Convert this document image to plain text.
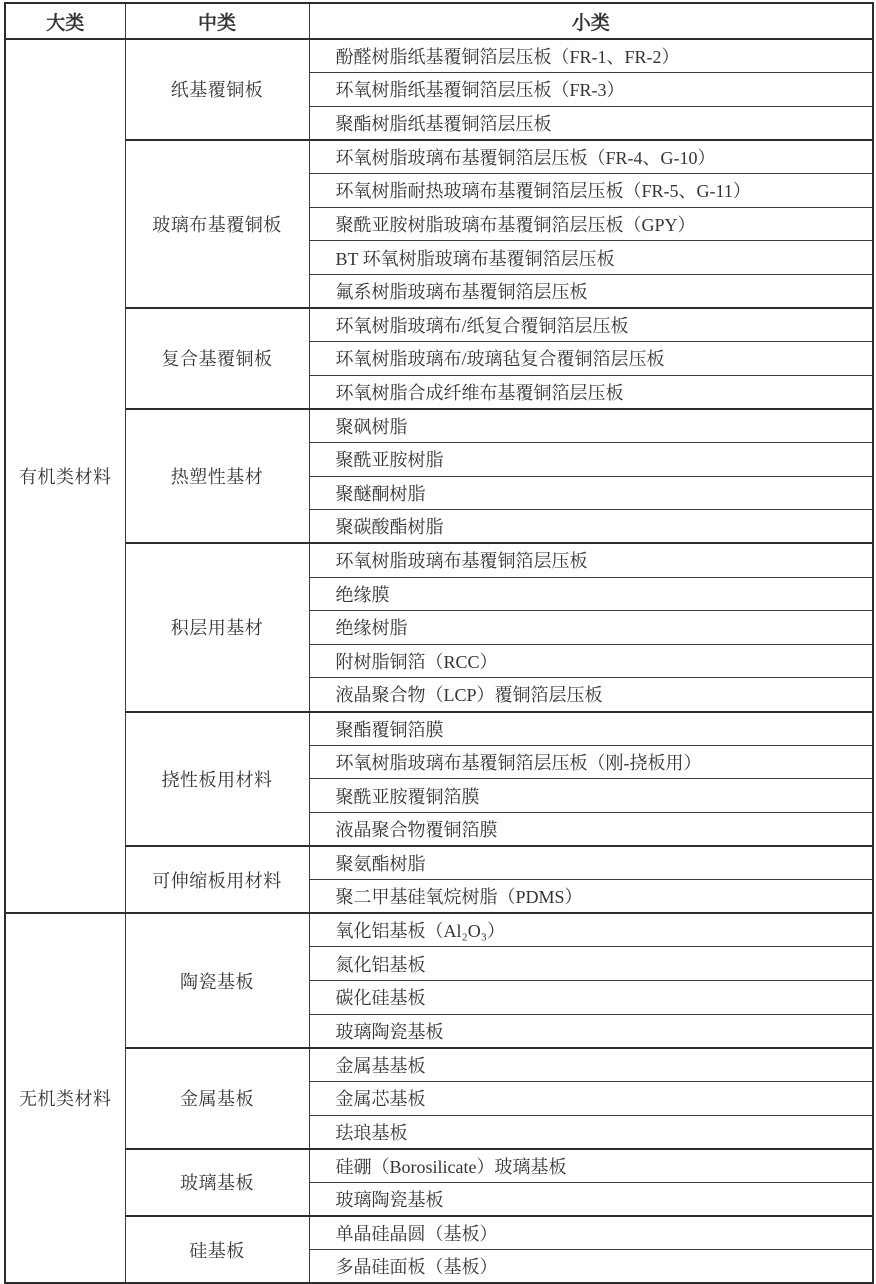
大类	中类	小类
有机类材料	纸基覆铜板	酚醛树脂纸基覆铜箔层压板（FR-1、FR-2）
		环氧树脂纸基覆铜箔层压板（FR-3）
		聚酯树脂纸基覆铜箔层压板
	玻璃布基覆铜板	环氧树脂玻璃布基覆铜箔层压板（FR-4、G-10）
		环氧树脂耐热玻璃布基覆铜箔层压板（FR-5、G-11）
		聚酰亚胺树脂玻璃布基覆铜箔层压板（GPY）
		BT 环氧树脂玻璃布基覆铜箔层压板
		氟系树脂玻璃布基覆铜箔层压板
	复合基覆铜板	环氧树脂玻璃布/纸复合覆铜箔层压板
		环氧树脂玻璃布/玻璃毡复合覆铜箔层压板
		环氧树脂合成纤维布基覆铜箔层压板
	热塑性基材	聚砜树脂
		聚酰亚胺树脂
		聚醚酮树脂
		聚碳酸酯树脂
	积层用基材	环氧树脂玻璃布基覆铜箔层压板
		绝缘膜
		绝缘树脂
		附树脂铜箔（RCC）
		液晶聚合物（LCP）覆铜箔层压板
	挠性板用材料	聚酯覆铜箔膜
		环氧树脂玻璃布基覆铜箔层压板（刚-挠板用）
		聚酰亚胺覆铜箔膜
		液晶聚合物覆铜箔膜
	可伸缩板用材料	聚氨酯树脂
		聚二甲基硅氧烷树脂（PDMS）
无机类材料	陶瓷基板	氧化铝基板（Al₂O₃）
		氮化铝基板
		碳化硅基板
		玻璃陶瓷基板
	金属基板	金属基基板
		金属芯基板
		珐琅基板
	玻璃基板	硅硼（Borosilicate）玻璃基板
		玻璃陶瓷基板
	硅基板	单晶硅晶圆（基板）
		多晶硅面板（基板）
